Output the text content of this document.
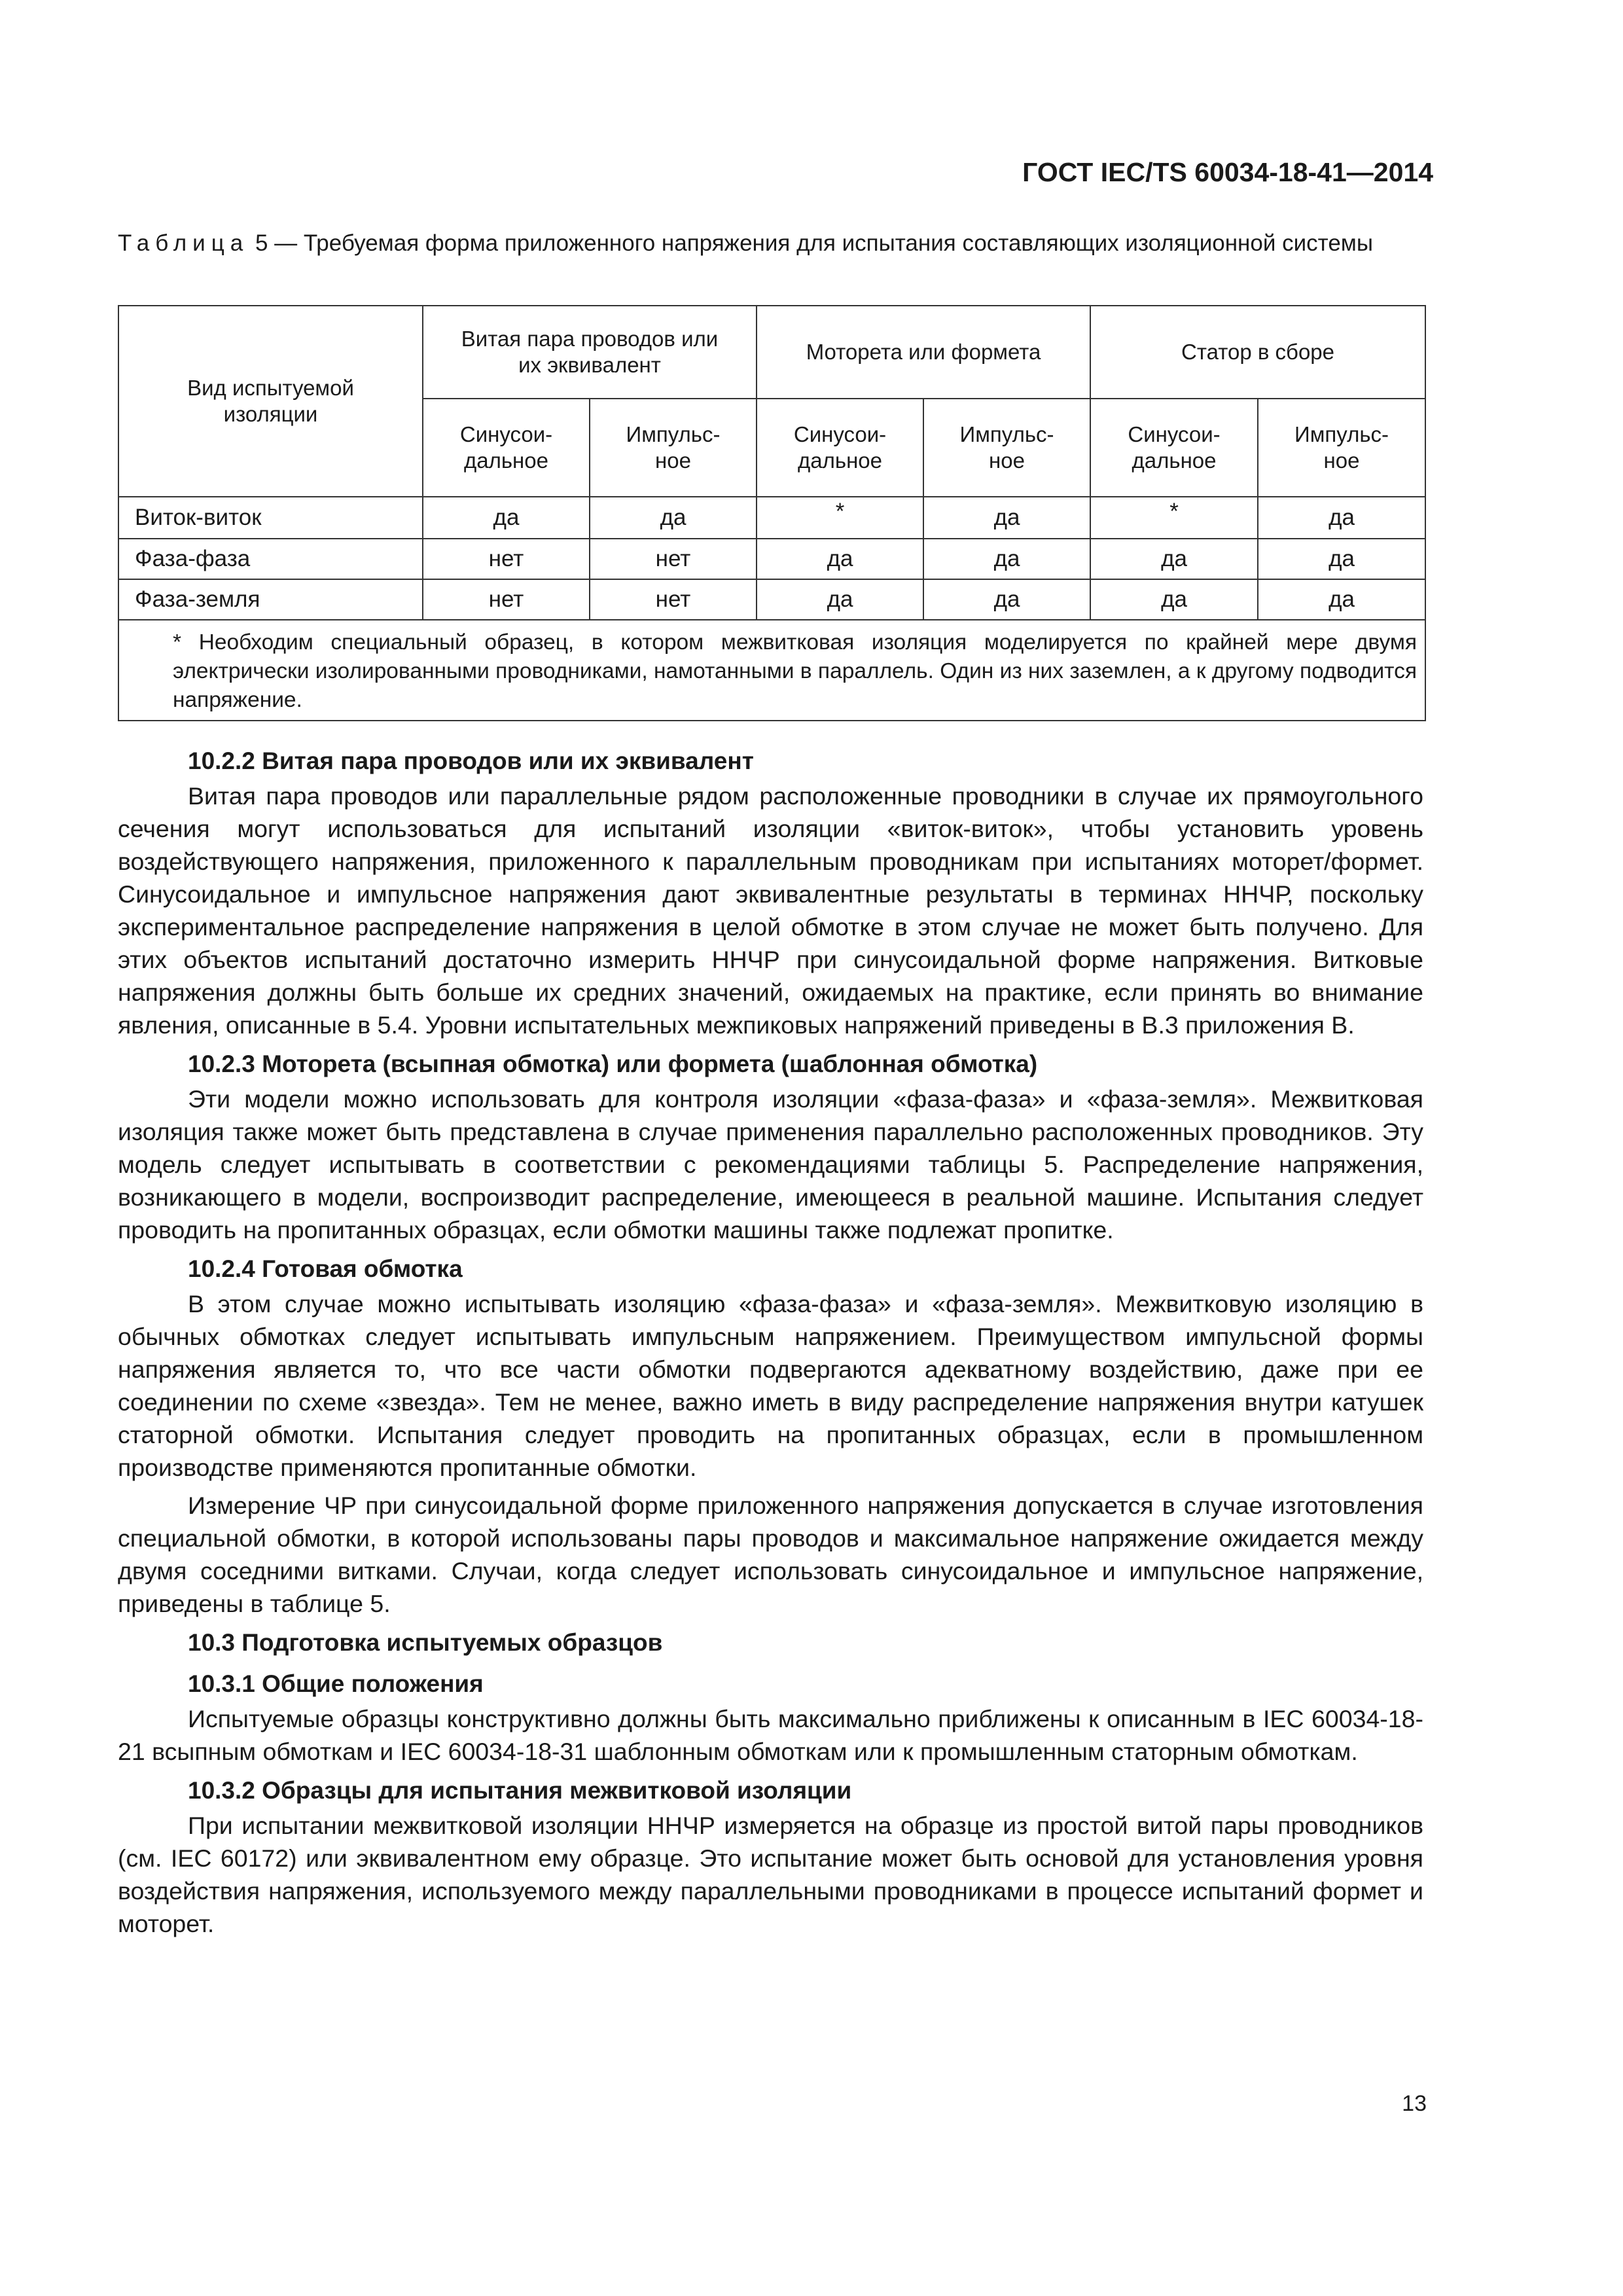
ГОСТ IEC/TS 60034-18-41—2014
Таблица 5 — Требуемая форма приложенного напряжения для испытания составляющих изоляционной системы
Вид испытуемой изоляции	Витая пара проводов или их эквивалент		Моторета или формета		Статор в сборе	
	Синусои-дальное	Импульс-ное	Синусои-дальное	Импульс-ное	Синусои-дальное	Импульс-ное
Виток-виток	да	да	*	да	*	да
Фаза-фаза	нет	нет	да	да	да	да
Фаза-земля	нет	нет	да	да	да	да

* Необходим специальный образец, в котором межвитковая изоляция моделируется по крайней мере двумя электрически изолированными проводниками, намотанными в параллель. Один из них заземлен, а к другому подводится напряжение.						
10.2.2 Витая пара проводов или их эквивалент

Витая пара проводов или параллельные рядом расположенные проводники в случае их прямоугольного сечения могут использоваться для испытаний изоляции «виток-виток», чтобы установить уровень воздействующего напряжения, приложенного к параллельным проводникам при испытаниях моторет/формет. Синусоидальное и импульсное напряжения дают эквивалентные результаты в терминах ННЧР, поскольку экспериментальное распределение напряжения в целой обмотке в этом случае не может быть получено. Для этих объектов испытаний достаточно измерить ННЧР при синусоидальной форме напряжения. Витковые напряжения должны быть больше их средних значений, ожидаемых на практике, если принять во внимание явления, описанные в 5.4. Уровни испытательных межпиковых напряжений приведены в В.3 приложения В.

10.2.3 Моторета (всыпная обмотка) или формета (шаблонная обмотка)

Эти модели можно использовать для контроля изоляции «фаза-фаза» и «фаза-земля». Межвитковая изоляция также может быть представлена в случае применения параллельно расположенных проводников. Эту модель следует испытывать в соответствии с рекомендациями таблицы 5. Распределение напряжения, возникающего в модели, воспроизводит распределение, имеющееся в реальной машине. Испытания следует проводить на пропитанных образцах, если обмотки машины также подлежат пропитке.

10.2.4 Готовая обмотка

В этом случае можно испытывать изоляцию «фаза-фаза» и «фаза-земля». Межвитковую изоляцию в обычных обмотках следует испытывать импульсным напряжением. Преимуществом импульсной формы напряжения является то, что все части обмотки подвергаются адекватному воздействию, даже при ее соединении по схеме «звезда». Тем не менее, важно иметь в виду распределение напряжения внутри катушек статорной обмотки. Испытания следует проводить на пропитанных образцах, если в промышленном производстве применяются пропитанные обмотки.

Измерение ЧР при синусоидальной форме приложенного напряжения допускается в случае изготовления специальной обмотки, в которой использованы пары проводов и максимальное напряжение ожидается между двумя соседними витками. Случаи, когда следует использовать синусоидальное и импульсное напряжение, приведены в таблице 5.

10.3 Подготовка испытуемых образцов
10.3.1 Общие положения

Испытуемые образцы конструктивно должны быть максимально приближены к описанным в IEC 60034-18-21 всыпным обмоткам и IEC 60034-18-31 шаблонным обмоткам или к промышленным статорным обмоткам.

10.3.2 Образцы для испытания межвитковой изоляции

При испытании межвитковой изоляции ННЧР измеряется на образце из простой витой пары проводников (см. IEC 60172) или эквивалентном ему образце. Это испытание может быть основой для установления уровня воздействия напряжения, используемого между параллельными проводниками в процессе испытаний формет и моторет.

13
